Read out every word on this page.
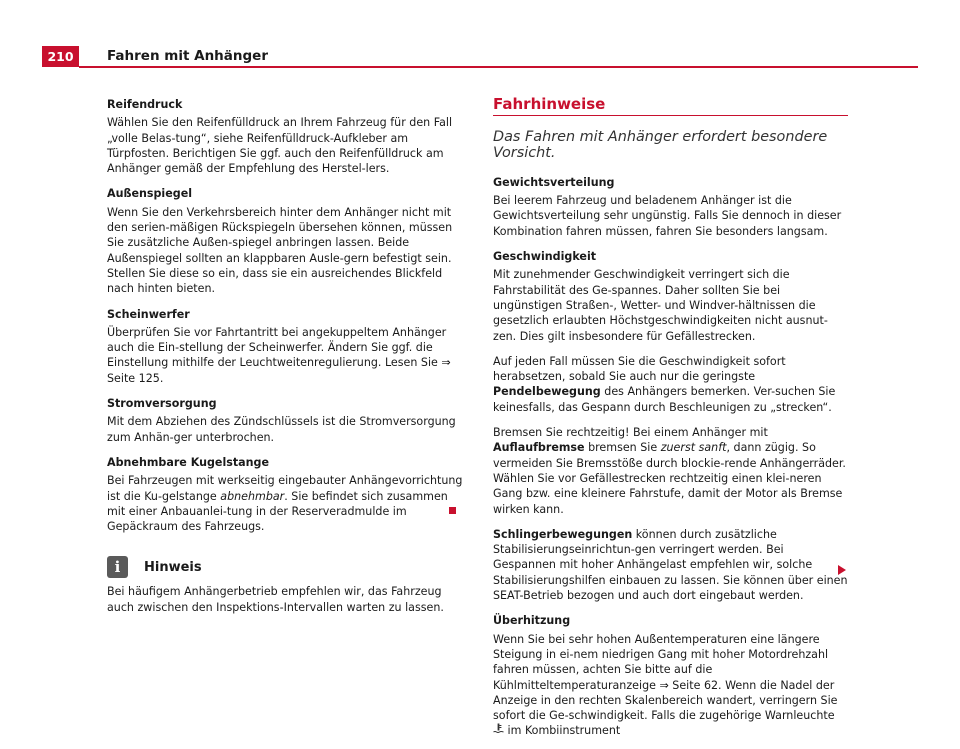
210	Fahren mit Anhänger
Reifendruck

Wählen Sie den Reifenfülldruck an Ihrem Fahrzeug für den Fall „volle Belas-tung“, siehe Reifenfülldruck-Aufkleber am Türpfosten. Berichtigen Sie ggf. auch den Reifenfülldruck am Anhänger gemäß der Empfehlung des Herstel-lers.

Außenspiegel

Wenn Sie den Verkehrsbereich hinter dem Anhänger nicht mit den serien-mäßigen Rückspiegeln übersehen können, müssen Sie zusätzliche Außen-spiegel anbringen lassen. Beide Außenspiegel sollten an klappbaren Ausle-gern befestigt sein. Stellen Sie diese so ein, dass sie ein ausreichendes Blickfeld nach hinten bieten.

Scheinwerfer

Überprüfen Sie vor Fahrtantritt bei angekuppeltem Anhänger auch die Ein-stellung der Scheinwerfer. Ändern Sie ggf. die Einstellung mithilfe der Leuchtweitenregulierung. Lesen Sie ⇒ Seite 125.

Stromversorgung

Mit dem Abziehen des Zündschlüssels ist die Stromversorgung zum Anhän-ger unterbrochen.

Abnehmbare Kugelstange

Bei Fahrzeugen mit werkseitig eingebauter Anhängevorrichtung ist die Ku-gelstange abnehmbar. Sie befindet sich zusammen mit einer Anbauanlei-tung in der Reserveradmulde im Gepäckraum des Fahrzeugs.

i	Hinweis

Bei häufigem Anhängerbetrieb empfehlen wir, das Fahrzeug auch zwischen den Inspektions-Intervallen warten zu lassen.

Fahrhinweise
Das Fahren mit Anhänger erfordert besondere Vorsicht.
Gewichtsverteilung

Bei leerem Fahrzeug und beladenem Anhänger ist die Gewichtsverteilung sehr ungünstig. Falls Sie dennoch in dieser Kombination fahren müssen, fahren Sie besonders langsam.

Geschwindigkeit

Mit zunehmender Geschwindigkeit verringert sich die Fahrstabilität des Ge-spannes. Daher sollten Sie bei ungünstigen Straßen-, Wetter- und Windver-hältnissen die gesetzlich erlaubten Höchstgeschwindigkeiten nicht ausnut-zen. Dies gilt insbesondere für Gefällestrecken.

Auf jeden Fall müssen Sie die Geschwindigkeit sofort herabsetzen, sobald Sie auch nur die geringste Pendelbewegung des Anhängers bemerken. Ver-suchen Sie keinesfalls, das Gespann durch Beschleunigen zu „strecken“.

Bremsen Sie rechtzeitig! Bei einem Anhänger mit Auflaufbremse bremsen Sie zuerst sanft, dann zügig. So vermeiden Sie Bremsstöße durch blockie-rende Anhängerräder. Wählen Sie vor Gefällestrecken rechtzeitig einen klei-neren Gang bzw. eine kleinere Fahrstufe, damit der Motor als Bremse wirken kann.

Schlingerbewegungen können durch zusätzliche Stabilisierungseinrichtun-gen verringert werden. Bei Gespannen mit hoher Anhängelast empfehlen wir, solche Stabilisierungshilfen einbauen zu lassen. Sie können über einen SEAT-Betrieb bezogen und auch dort eingebaut werden.

Überhitzung

Wenn Sie bei sehr hohen Außentemperaturen eine längere Steigung in ei-nem niedrigen Gang mit hoher Motordrehzahl fahren müssen, achten Sie bitte auf die Kühlmitteltemperaturanzeige ⇒ Seite 62. Wenn die Nadel der Anzeige in den rechten Skalenbereich wandert, verringern Sie sofort die Ge-schwindigkeit. Falls die zugehörige Warnleuchte  im Kombiinstrument
